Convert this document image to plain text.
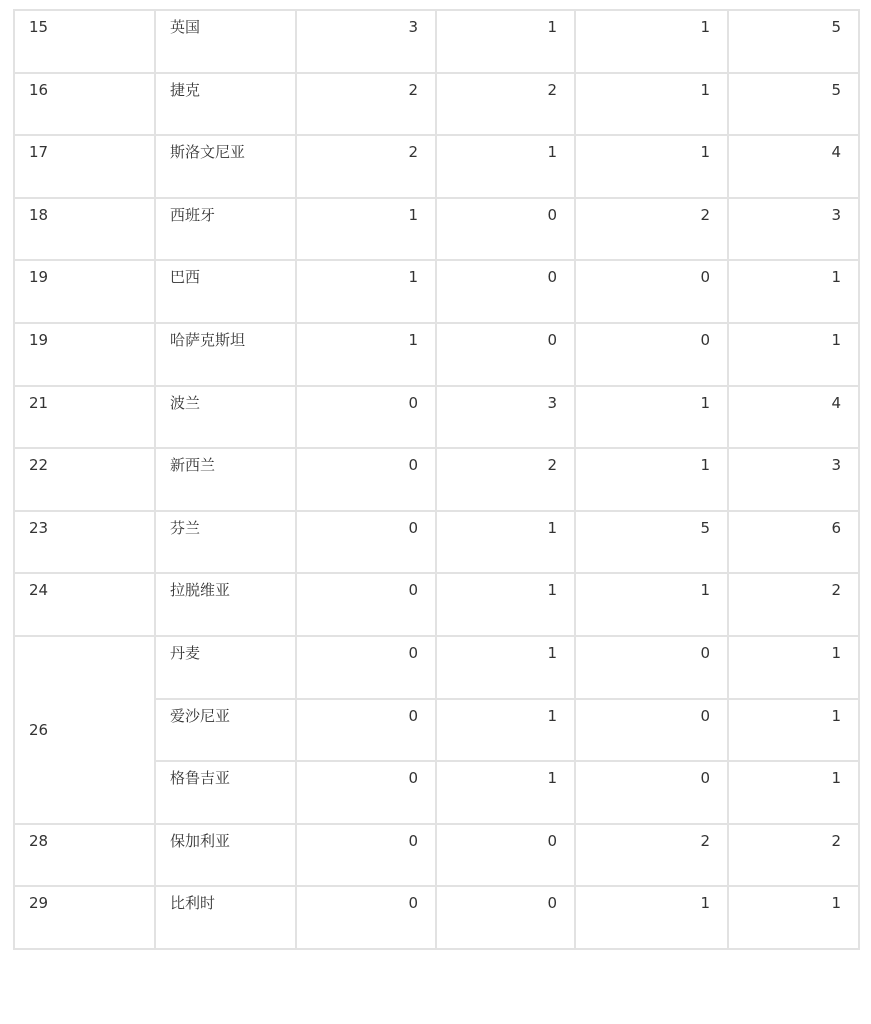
15	英国	3	1	1	5
16	捷克	2	2	1	5
17	斯洛文尼亚	2	1	1	4
18	西班牙	1	0	2	3
19	巴西	1	0	0	1
19	哈萨克斯坦	1	0	0	1
21	波兰	0	3	1	4
22	新西兰	0	2	1	3
23	芬兰	0	1	5	6
24	拉脱维亚	0	1	1	2
26	丹麦	0	1	0	1
	爱沙尼亚	0	1	0	1
	格鲁吉亚	0	1	0	1
28	保加利亚	0	0	2	2
29	比利时	0	0	1	1
